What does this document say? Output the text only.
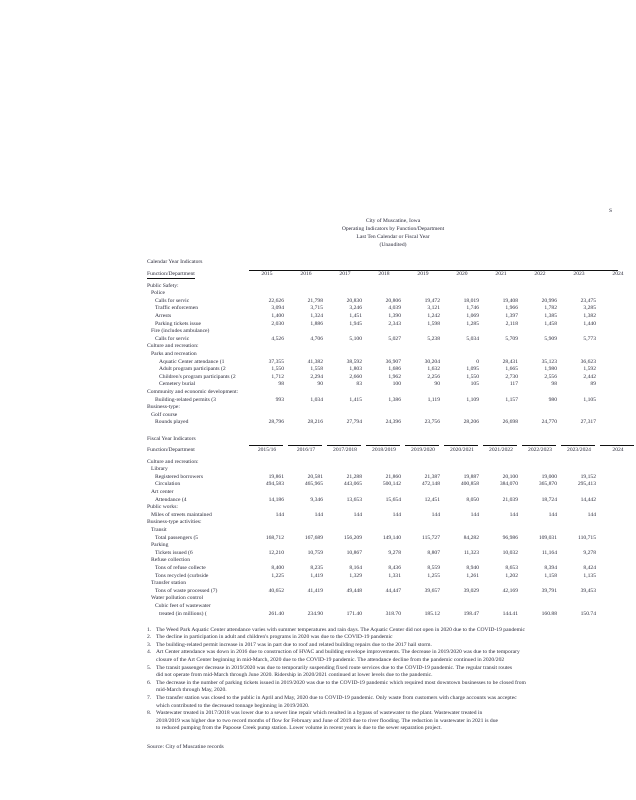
S
City of Muscatine, Iowa
Operating Indicators by Function/Department
Last Ten Calendar or Fiscal Year
(Unaudited)
Calendar Year Indicators
Function/Department	2015	2016	2017	2018	2019	2020	2021	2022	2023	2024
Public Safety:
Police
Calls for servic	22,626	21,798	20,830	20,806	19,472	18,019	19,408	20,996	23,475
Traffic enforcemen	3,094	3,715	3,246	4,039	3,121	1,746	1,966	1,782	3,285
Arrests	1,400	1,324	1,451	1,390	1,242	1,069	1,397	1,385	1,382
Parking tickets issue	2,030	1,886	1,945	2,343	1,598	1,285	2,118	1,458	1,440
Fire (includes ambulance)
Calls for servic	4,526	4,706	5,100	5,027	5,238	5,034	5,709	5,909	5,773
Culture and recreation:
Parks and recreation
Aquatic Center attendance (1	37,355	41,382	38,592	36,907	30,204	0	28,431	35,123	36,623
Adult program participants (2	1,550	1,558	1,803	1,686	1,632	1,095	1,665	1,980	1,592
Children's program participants (2	1,712	2,294	2,660	1,962	2,256	1,550	2,730	2,556	2,442
Cemetery burial	98	90	83	100	90	105	117	98	89
Community and economic development:
Building-related permits (3	993	1,034	1,415	1,386	1,119	1,109	1,157	980	1,105
Business-type:
Golf course
Rounds played	28,796	28,216	27,794	24,396	23,756	28,206	26,698	24,770	27,317
Fiscal Year Indicators
Function/Department	2015/16	2016/17	2017/2018	2018/2019	2019/2020	2020/2021	2021/2022	2022/2023	2023/2024	2024
Culture and recreation:
Library
Registered borrowers	19,861	20,581	21,288	21,860	21,387	19,887	20,100	19,000	19,152
Circulation	494,583	465,965	443,065	500,142	472,148	400,858	384,070	365,870	295,413
Art center
Attendance (4	14,186	9,346	13,653	15,654	12,451	8,050	21,039	18,724	14,442
Public works:
Miles of streets maintained	144	144	144	144	144	144	144	144	144
Business-type activities:
Transit
Total passengers (5	168,712	167,689	156,209	149,140	115,727	84,282	96,986	109,031	110,715
Parking
Tickets issued (6	12,210	10,759	10,867	9,278	8,807	11,323	10,032	11,164	9,278
Refuse collection
Tons of refuse collecte	8,400	8,235	8,164	8,436	8,559	8,940	8,653	8,394	8,424
Tons recycled (curbside	1,225	1,419	1,329	1,331	1,255	1,261	1,202	1,158	1,135
Transfer station
Tons of waste processed (7)	40,652	41,419	49,448	44,447	39,657	39,029	42,169	39,791	39,453
Water pollution control
Cubic feet of wastewater
treated (in millions) (	261.40	234.90	171.40	318.70	185.12	198.47	144.41	160.88	150.74
1. The Weed Park Aquatic Center attendance varies with summer temperatures and rain days. The Aquatic Center did not open in 2020 due to the COVID-19 pandemic
2. The decline in participation in adult and children's programs in 2020 was due to the COVID-19 pandemic
3. The building-related permit increase in 2017 was in part due to roof and related building repairs due to the 2017 hail storm.
4. Art Center attendance was down in 2016 due to construction of HVAC and building envelope improvements. The decrease in 2019/2020 was due to the temporary
closure of the Art Center beginning in mid-March, 2020 due to the COVID-19 pandemic. The attendance decline from the pandemic continued in 2020/202
5. The transit passenger decrease in 2019/2020 was due to temporarily suspending fixed route services due to the COVID-19 pandemic. The regular transit routes
did not operate from mid-March through June 2020. Ridership in 2020/2021 continued at lower levels due to the pandemic.
6. The decrease in the number of parking tickets issued in 2019/2020 was due to the COVID-19 pandemic which required most downtown businesses to be closed from
mid-March through May, 2020.
7. The transfer station was closed to the public in April and May, 2020 due to COVID-19 pandemic. Only waste from customers with charge accounts was acceptec
which contributed to the decreased tonnage beginning in 2019/2020.
8. Wastewater treated in 2017/2018 was lower due to a sewer line repair which resulted in a bypass of wastewater to the plant. Wastewater treated in
2018/2019 was higher due to two record months of flow for February and June of 2019 due to river flooding. The reduction in wastewater in 2021 is due
to reduced pumping from the Papoose Creek pump station. Lower volume in recent years is due to the sewer separation project.
Source: City of Muscatine records
